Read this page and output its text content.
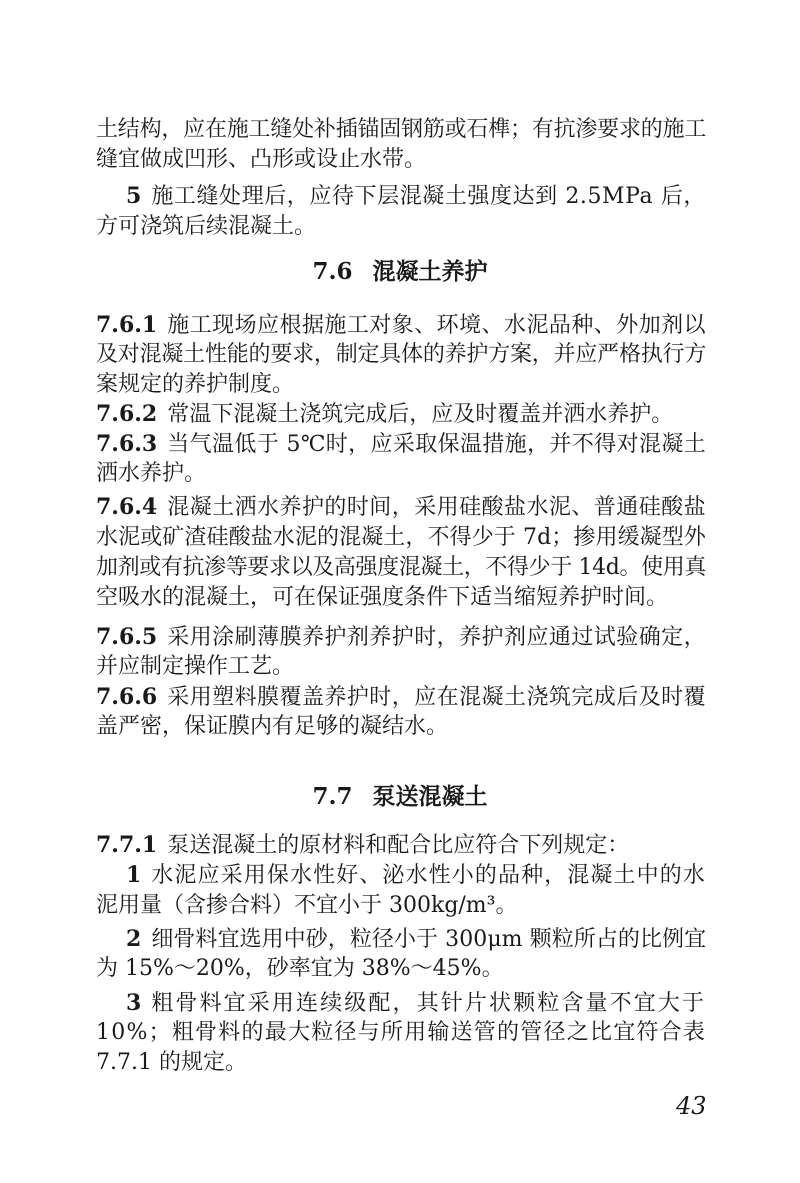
43
7.6 混凝土养护
7.7 泵送混凝土
土结构，应在施工缝处补插锚固钢筋或石榫；有抗渗要求的施工
缝宜做成凹形、凸形或设止水带。
5 施工缝处理后，应待下层混凝土强度达到 2.5MPa 后，
方可浇筑后续混凝土。
7.6.1 施工现场应根据施工对象、环境、水泥品种、外加剂以
及对混凝土性能的要求，制定具体的养护方案，并应严格执行方
案规定的养护制度。
7.6.2 常温下混凝土浇筑完成后，应及时覆盖并洒水养护。
7.6.3 当气温低于 5℃时，应采取保温措施，并不得对混凝土
洒水养护。
7.6.4 混凝土洒水养护的时间，采用硅酸盐水泥、普通硅酸盐
水泥或矿渣硅酸盐水泥的混凝土，不得少于 7d；掺用缓凝型外
加剂或有抗渗等要求以及高强度混凝土，不得少于 14d。使用真
空吸水的混凝土，可在保证强度条件下适当缩短养护时间。
7.6.5 采用涂刷薄膜养护剂养护时，养护剂应通过试验确定，
并应制定操作工艺。
7.6.6 采用塑料膜覆盖养护时，应在混凝土浇筑完成后及时覆
盖严密，保证膜内有足够的凝结水。
7.7.1 泵送混凝土的原材料和配合比应符合下列规定：
1 水泥应采用保水性好、泌水性小的品种，混凝土中的水
泥用量（含掺合料）不宜小于 300kg/m³。
2 细骨料宜选用中砂，粒径小于 300μm 颗粒所占的比例宜
为 15%～20%，砂率宜为 38%～45%。
3 粗骨料宜采用连续级配，其针片状颗粒含量不宜大于
10%；粗骨料的最大粒径与所用输送管的管径之比宜符合表
7.7.1 的规定。
